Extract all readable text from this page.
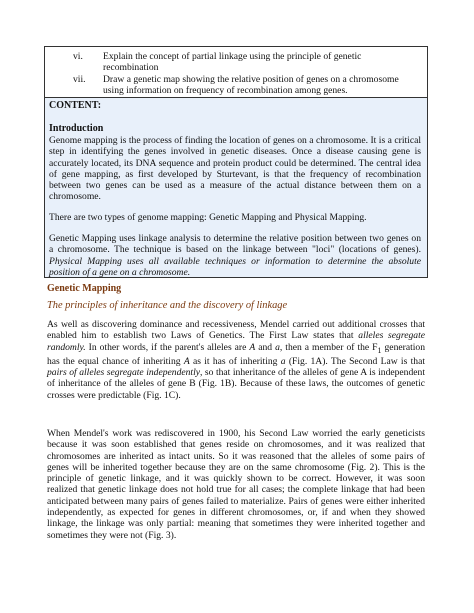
vi. Explain the concept of partial linkage using the principle of genetic recombination
vii. Draw a genetic map showing the relative position of genes on a chromosome using information on frequency of recombination among genes.
CONTENT:
Introduction
Genome mapping is the process of finding the location of genes on a chromosome. It is a critical step in identifying the genes involved in genetic diseases. Once a disease causing gene is accurately located, its DNA sequence and protein product could be determined. The central idea of gene mapping, as first developed by Sturtevant, is that the frequency of recombination between two genes can be used as a measure of the actual distance between them on a chromosome.
There are two types of genome mapping: Genetic Mapping and Physical Mapping.
Genetic Mapping uses linkage analysis to determine the relative position between two genes on a chromosome. The technique is based on the linkage between "loci" (locations of genes). Physical Mapping uses all available techniques or information to determine the absolute position of a gene on a chromosome.
Genetic Mapping
The principles of inheritance and the discovery of linkage
As well as discovering dominance and recessiveness, Mendel carried out additional crosses that enabled him to establish two Laws of Genetics. The First Law states that alleles segregate randomly. In other words, if the parent's alleles are A and a, then a member of the $F_1$ generation has the equal chance of inheriting A as it has of inheriting a (Fig. 1A). The Second Law is that pairs of alleles segregate independently, so that inheritance of the alleles of gene A is independent of inheritance of the alleles of gene B (Fig. 1B). Because of these laws, the outcomes of genetic crosses were predictable (Fig. 1C).
When Mendel's work was rediscovered in 1900, his Second Law worried the early geneticists because it was soon established that genes reside on chromosomes, and it was realized that chromosomes are inherited as intact units. So it was reasoned that the alleles of some pairs of genes will be inherited together because they are on the same chromosome (Fig. 2). This is the principle of genetic linkage, and it was quickly shown to be correct. However, it was soon realized that genetic linkage does not hold true for all cases; the complete linkage that had been anticipated between many pairs of genes failed to materialize. Pairs of genes were either inherited independently, as expected for genes in different chromosomes, or, if and when they showed linkage, the linkage was only partial: meaning that sometimes they were inherited together and sometimes they were not (Fig. 3).
